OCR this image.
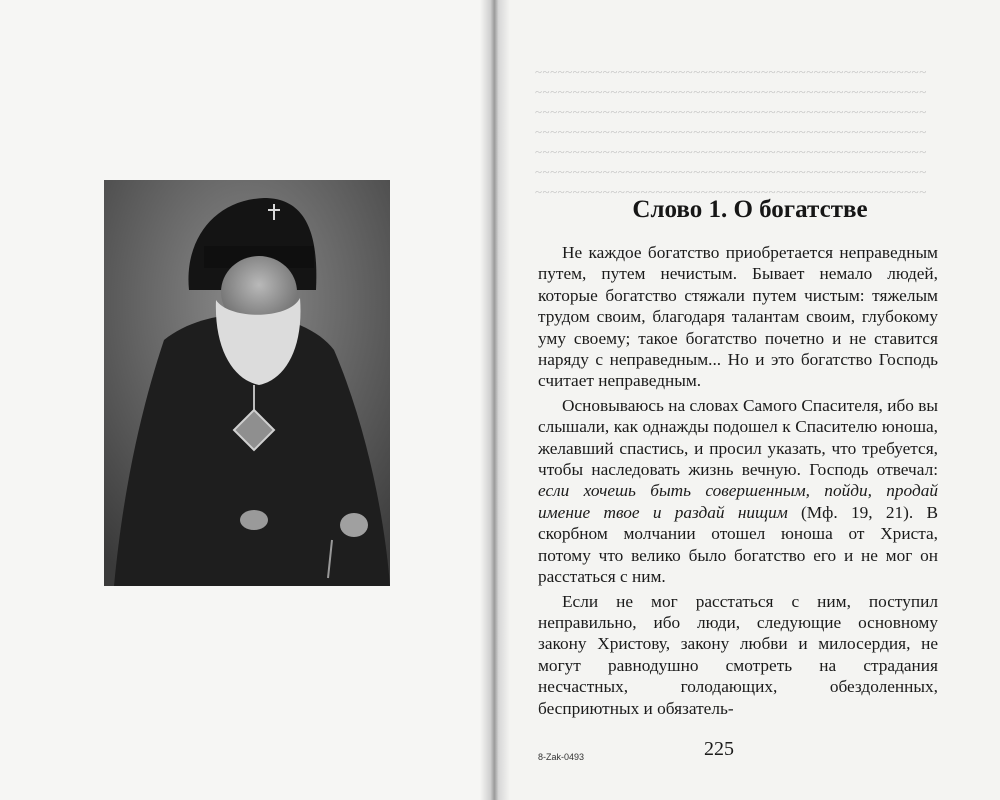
~~~~~~~~~~~~~~~~~~~~~~~~~~~~~~~~~~~~~~~~~~~~~~~~~~~~
~~~~~~~~~~~~~~~~~~~~~~~~~~~~~~~~~~~~~~~~~~~~~~~~~~~~
~~~~~~~~~~~~~~~~~~~~~~~~~~~~~~~~~~~~~~~~~~~~~~~~~~~~
~~~~~~~~~~~~~~~~~~~~~~~~~~~~~~~~~~~~~~~~~~~~~~~~~~~~
~~~~~~~~~~~~~~~~~~~~~~~~~~~~~~~~~~~~~~~~~~~~~~~~~~~~
~~~~~~~~~~~~~~~~~~~~~~~~~~~~~~~~~~~~~~~~~~~~~~~~~~~~
~~~~~~~~~~~~~~~~~~~~~~~~~~~~~~~~~~~~~~~~~~~~~~~~~~~~
Слово 1. О богатстве

Не каждое богатство приобретается неправедным путем, путем нечистым. Бывает немало людей, которые богатство стяжали путем чистым: тяжелым трудом своим, благодаря талантам своим, глубокому уму своему; такое богатство почетно и не ставится наряду с неправедным... Но и это богатство Господь считает неправедным.

Основываюсь на словах Самого Спасителя, ибо вы слышали, как однажды подошел к Спасителю юноша, желавший спастись, и просил указать, что требуется, чтобы наследовать жизнь вечную. Господь отвечал: если хочешь быть совершенным, пойди, продай имение твое и раздай нищим (Мф. 19, 21). В скорбном молчании отошел юноша от Христа, потому что велико было богатство его и не мог он расстаться с ним.

Если не мог расстаться с ним, поступил неправильно, ибо люди, следующие основному закону Христову, закону любви и милосердия, не могут равнодушно смотреть на страдания несчастных, голодающих, обездоленных, бесприютных и обязатель-

225
8-Zak-0493
